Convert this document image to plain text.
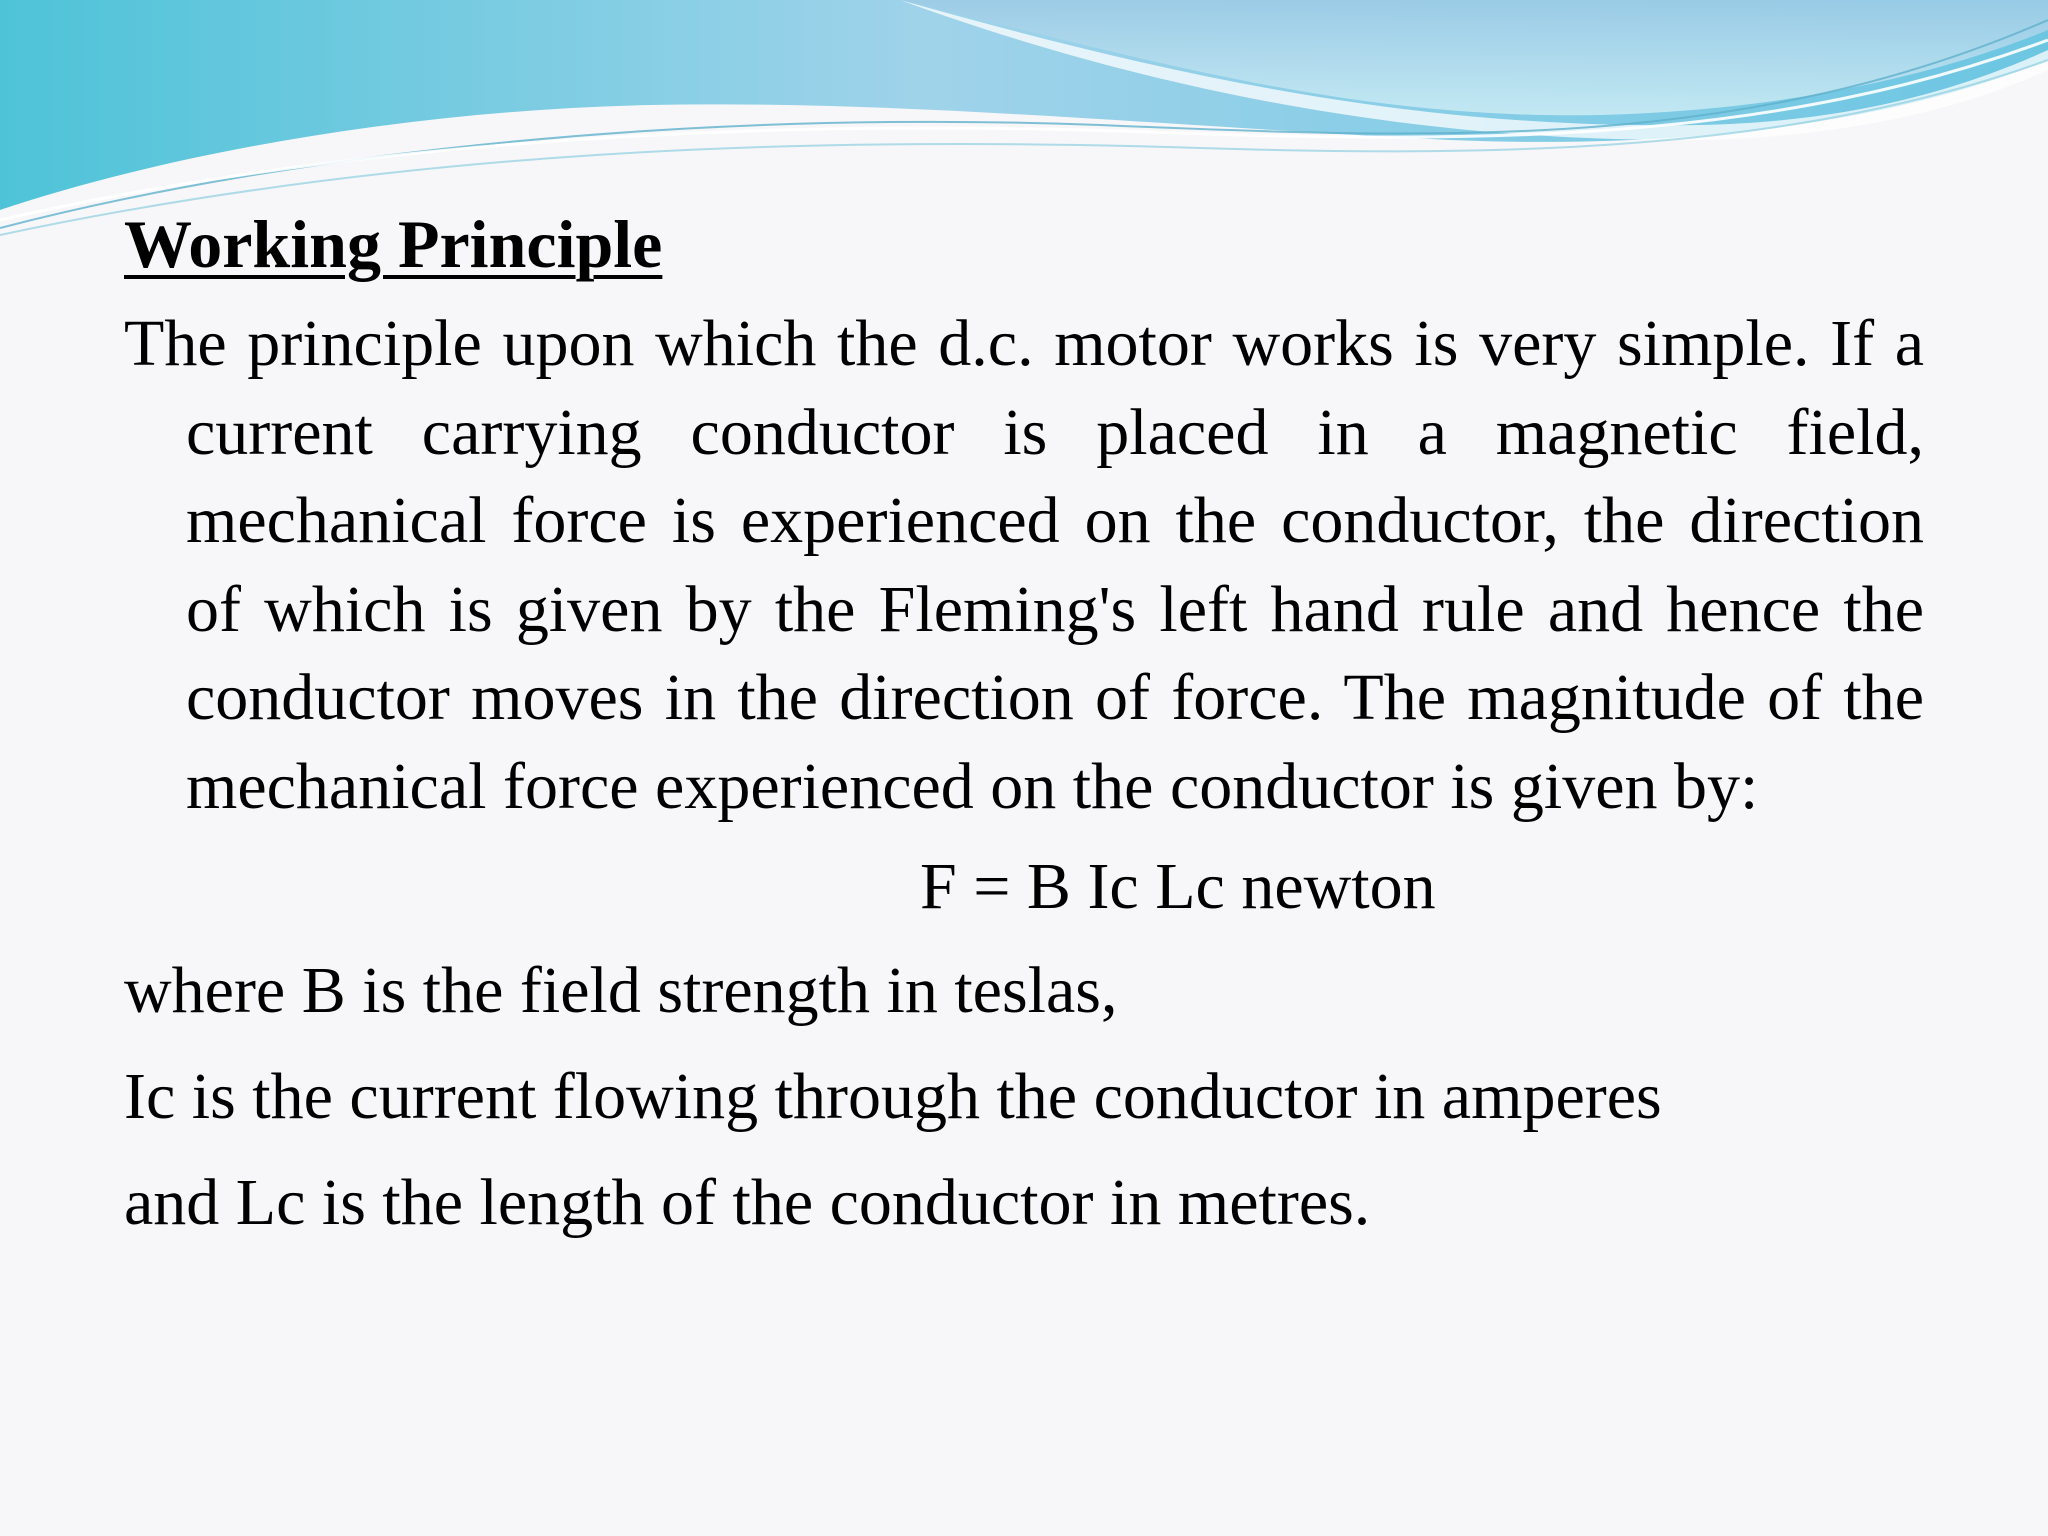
Working Principle

The principle upon which the d.c. motor works is very simple. If a current carrying conductor is placed in a magnetic field, mechanical force is experienced on the conductor, the direction of which is given by the Fleming's left hand rule and hence the conductor moves in the direction of force. The magnitude of the mechanical force experienced on the conductor is given by:

F = B Ic Lc newton
where B is the field strength in teslas,
Ic is the current flowing through the conductor in amperes
and Lc is the length of the conductor in metres.
